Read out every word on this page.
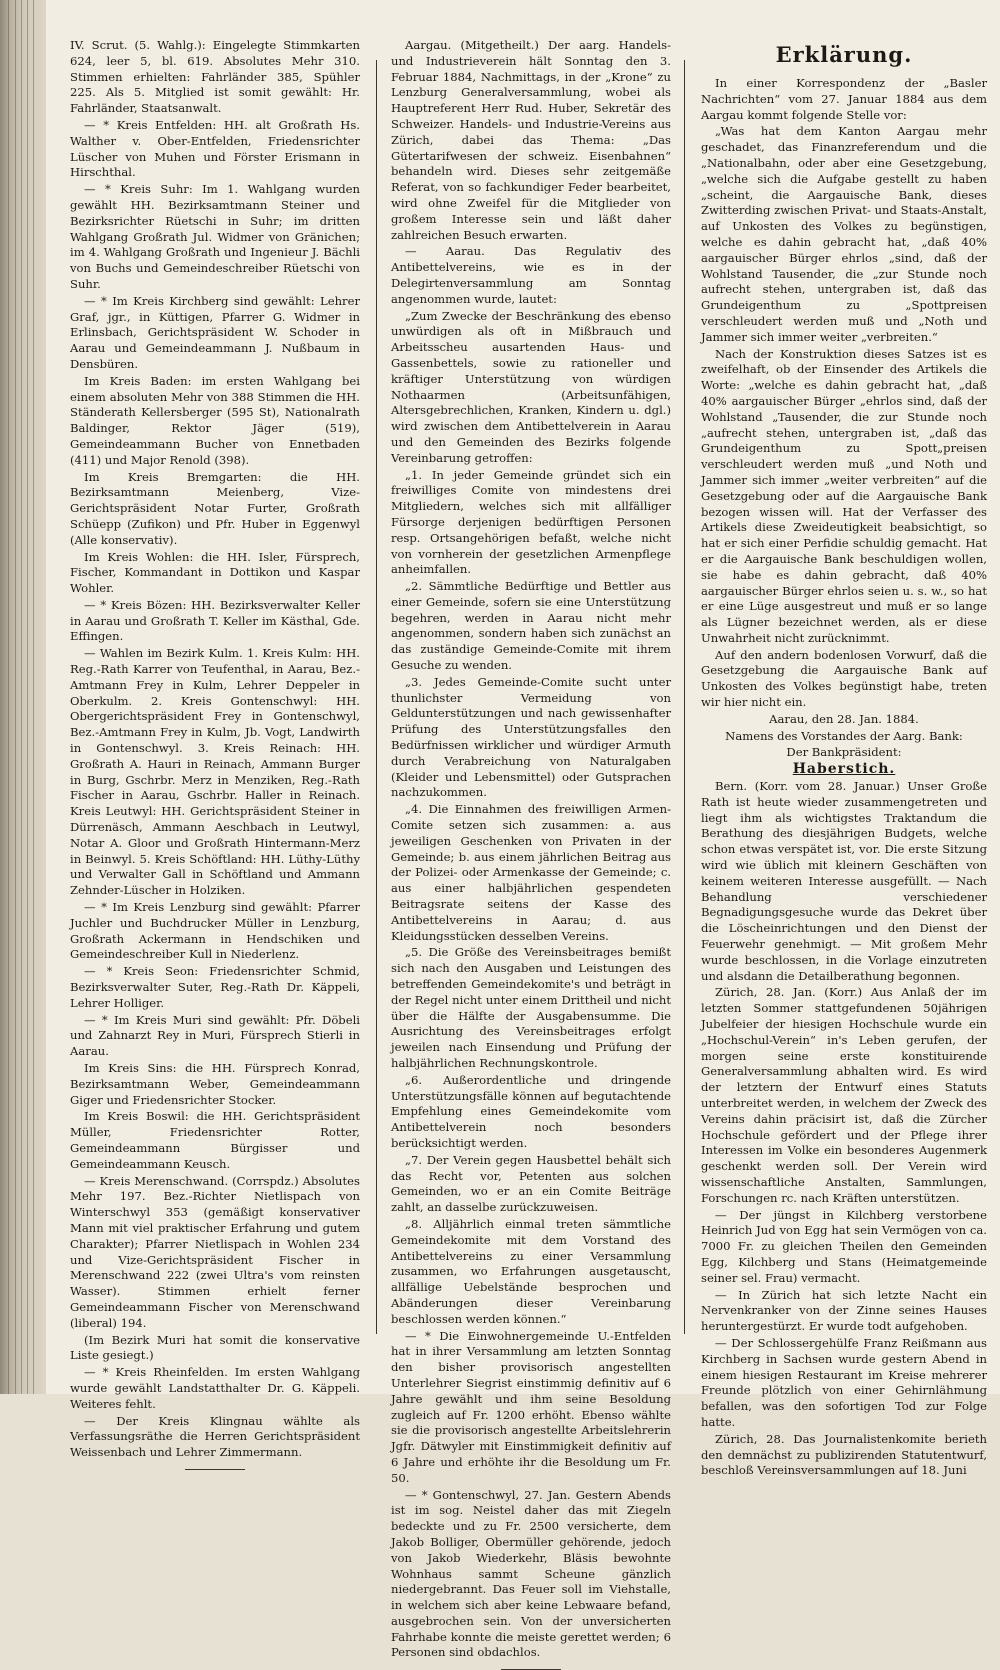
IV. Scrut. (5. Wahlg.): Eingelegte Stimmkarten 624, leer 5, bl. 619. Absolutes Mehr 310. Stimmen erhielten: Fahrländer 385, Spühler 225. Als 5. Mitglied ist somit gewählt: Hr. Fahrländer, Staatsanwalt.

— * Kreis Entfelden: HH. alt Großrath Hs. Walther v. Ober-Entfelden, Friedensrichter Lüscher von Muhen und Förster Erismann in Hirschthal.

— * Kreis Suhr: Im 1. Wahlgang wurden gewählt HH. Bezirksamtmann Steiner und Bezirksrichter Rüetschi in Suhr; im dritten Wahlgang Großrath Jul. Widmer von Gränichen; im 4. Wahlgang Großrath und Ingenieur J. Bächli von Buchs und Gemeindeschreiber Rüetschi von Suhr.

— * Im Kreis Kirchberg sind gewählt: Lehrer Graf, jgr., in Küttigen, Pfarrer G. Widmer in Erlinsbach, Gerichtspräsident W. Schoder in Aarau und Gemeindeammann J. Nußbaum in Densbüren.

Im Kreis Baden: im ersten Wahlgang bei einem absoluten Mehr von 388 Stimmen die HH. Ständerath Kellersberger (595 St), Nationalrath Baldinger, Rektor Jäger (519), Gemeindeammann Bucher von Ennetbaden (411) und Major Renold (398).

Im Kreis Bremgarten: die HH. Bezirksamtmann Meienberg, Vize-Gerichtspräsident Notar Furter, Großrath Schüepp (Zufikon) und Pfr. Huber in Eggenwyl (Alle konservativ).

Im Kreis Wohlen: die HH. Isler, Fürsprech, Fischer, Kommandant in Dottikon und Kaspar Wohler.

— * Kreis Bözen: HH. Bezirksverwalter Keller in Aarau und Großrath T. Keller im Kästhal, Gde. Effingen.

— Wahlen im Bezirk Kulm. 1. Kreis Kulm: HH. Reg.-Rath Karrer von Teufenthal, in Aarau, Bez.-Amtmann Frey in Kulm, Lehrer Deppeler in Oberkulm. 2. Kreis Gontenschwyl: HH. Obergerichtspräsident Frey in Gontenschwyl, Bez.-Amtmann Frey in Kulm, Jb. Vogt, Landwirth in Gontenschwyl. 3. Kreis Reinach: HH. Großrath A. Hauri in Reinach, Ammann Burger in Burg, Gschrbr. Merz in Menziken, Reg.-Rath Fischer in Aarau, Gschrbr. Haller in Reinach. Kreis Leutwyl: HH. Gerichtspräsident Steiner in Dürrenäsch, Ammann Aeschbach in Leutwyl, Notar A. Gloor und Großrath Hintermann-Merz in Beinwyl. 5. Kreis Schöftland: HH. Lüthy-Lüthy und Verwalter Gall in Schöftland und Ammann Zehnder-Lüscher in Holziken.

— * Im Kreis Lenzburg sind gewählt: Pfarrer Juchler und Buchdrucker Müller in Lenzburg, Großrath Ackermann in Hendschiken und Gemeindeschreiber Kull in Niederlenz.

— * Kreis Seon: Friedensrichter Schmid, Bezirksverwalter Suter, Reg.-Rath Dr. Käppeli, Lehrer Holliger.

— * Im Kreis Muri sind gewählt: Pfr. Döbeli und Zahnarzt Rey in Muri, Fürsprech Stierli in Aarau.

Im Kreis Sins: die HH. Fürsprech Konrad, Bezirksamtmann Weber, Gemeindeammann Giger und Friedensrichter Stocker.

Im Kreis Boswil: die HH. Gerichtspräsident Müller, Friedensrichter Rotter, Gemeindeammann Bürgisser und Gemeindeammann Keusch.

— Kreis Merenschwand. (Corrspdz.) Absolutes Mehr 197. Bez.-Richter Nietlispach von Winterschwyl 353 (gemäßigt konservativer Mann mit viel praktischer Erfahrung und gutem Charakter); Pfarrer Nietlispach in Wohlen 234 und Vize-Gerichtspräsident Fischer in Merenschwand 222 (zwei Ultra's vom reinsten Wasser). Stimmen erhielt ferner Gemeindeammann Fischer von Merenschwand (liberal) 194.

(Im Bezirk Muri hat somit die konservative Liste gesiegt.)

— * Kreis Rheinfelden. Im ersten Wahlgang wurde gewählt Landstatthalter Dr. G. Käppeli. Weiteres fehlt.

— Der Kreis Klingnau wählte als Verfassungsräthe die Herren Gerichtspräsident Weissenbach und Lehrer Zimmermann.

Aargau. (Mitgetheilt.) Der aarg. Handels- und Industrieverein hält Sonntag den 3. Februar 1884, Nachmittags, in der „Krone“ zu Lenzburg Generalversammlung, wobei als Hauptreferent Herr Rud. Huber, Sekretär des Schweizer. Handels- und Industrie-Vereins aus Zürich, dabei das Thema: „Das Gütertarifwesen der schweiz. Eisenbahnen“ behandeln wird. Dieses sehr zeitgemäße Referat, von so fachkundiger Feder bearbeitet, wird ohne Zweifel für die Mitglieder von großem Interesse sein und läßt daher zahlreichen Besuch erwarten.

— Aarau. Das Regulativ des Antibettelvereins, wie es in der Delegirtenversammlung am Sonntag angenommen wurde, lautet:

„Zum Zwecke der Beschränkung des ebenso unwürdigen als oft in Mißbrauch und Arbeitsscheu ausartenden Haus- und Gassenbettels, sowie zu rationeller und kräftiger Unterstützung von würdigen Nothaarmen (Arbeitsunfähigen, Altersgebrechlichen, Kranken, Kindern u. dgl.) wird zwischen dem Antibettelverein in Aarau und den Gemeinden des Bezirks folgende Vereinbarung getroffen:

„1. In jeder Gemeinde gründet sich ein freiwilliges Comite von mindestens drei Mitgliedern, welches sich mit allfälliger Fürsorge derjenigen bedürftigen Personen resp. Ortsangehörigen befaßt, welche nicht von vornherein der gesetzlichen Armenpflege anheimfallen.

„2. Sämmtliche Bedürftige und Bettler aus einer Gemeinde, sofern sie eine Unterstützung begehren, werden in Aarau nicht mehr angenommen, sondern haben sich zunächst an das zuständige Gemeinde-Comite mit ihrem Gesuche zu wenden.

„3. Jedes Gemeinde-Comite sucht unter thunlichster Vermeidung von Geldunterstützungen und nach gewissenhafter Prüfung des Unterstützungsfalles den Bedürfnissen wirklicher und würdiger Armuth durch Verabreichung von Naturalgaben (Kleider und Lebensmittel) oder Gutsprachen nachzukommen.

„4. Die Einnahmen des freiwilligen Armen-Comite setzen sich zusammen: a. aus jeweiligen Geschenken von Privaten in der Gemeinde; b. aus einem jährlichen Beitrag aus der Polizei- oder Armenkasse der Gemeinde; c. aus einer halbjährlichen gespendeten Beitragsrate seitens der Kasse des Antibettelvereins in Aarau; d. aus Kleidungsstücken desselben Vereins.

„5. Die Größe des Vereinsbeitrages bemißt sich nach den Ausgaben und Leistungen des betreffenden Gemeindekomite's und beträgt in der Regel nicht unter einem Drittheil und nicht über die Hälfte der Ausgabensumme. Die Ausrichtung des Vereinsbeitrages erfolgt jeweilen nach Einsendung und Prüfung der halbjährlichen Rechnungskontrole.

„6. Außerordentliche und dringende Unterstützungsfälle können auf begutachtende Empfehlung eines Gemeindekomite vom Antibettelverein noch besonders berücksichtigt werden.

„7. Der Verein gegen Hausbettel behält sich das Recht vor, Petenten aus solchen Gemeinden, wo er an ein Comite Beiträge zahlt, an dasselbe zurückzuweisen.

„8. Alljährlich einmal treten sämmtliche Gemeindekomite mit dem Vorstand des Antibettelvereins zu einer Versammlung zusammen, wo Erfahrungen ausgetauscht, allfällige Uebelstände besprochen und Abänderungen dieser Vereinbarung beschlossen werden können.“

— * Die Einwohnergemeinde U.-Entfelden hat in ihrer Versammlung am letzten Sonntag den bisher provisorisch angestellten Unterlehrer Siegrist einstimmig definitiv auf 6 Jahre gewählt und ihm seine Besoldung zugleich auf Fr. 1200 erhöht. Ebenso wählte sie die provisorisch angestellte Arbeitslehrerin Jgfr. Dätwyler mit Einstimmigkeit definitiv auf 6 Jahre und erhöhte ihr die Besoldung um Fr. 50.

— * Gontenschwyl, 27. Jan. Gestern Abends ist im sog. Neistel daher das mit Ziegeln bedeckte und zu Fr. 2500 versicherte, dem Jakob Bolliger, Obermüller gehörende, jedoch von Jakob Wiederkehr, Bläsis bewohnte Wohnhaus sammt Scheune gänzlich niedergebrannt. Das Feuer soll im Viehstalle, in welchem sich aber keine Lebwaare befand, ausgebrochen sein. Von der unversicherten Fahrhabe konnte die meiste gerettet werden; 6 Personen sind obdachlos.

Erklärung.

In einer Korrespondenz der „Basler Nachrichten“ vom 27. Januar 1884 aus dem Aargau kommt folgende Stelle vor:

„Was hat dem Kanton Aargau mehr geschadet, das Finanzreferendum und die „Nationalbahn, oder aber eine Gesetzgebung, „welche sich die Aufgabe gestellt zu haben „scheint, die Aargauische Bank, dieses Zwitterding zwischen Privat- und Staats-Anstalt, auf Unkosten des Volkes zu begünstigen, welche es dahin gebracht hat, „daß 40% aargauischer Bürger ehrlos „sind, daß der Wohlstand Tausender, die „zur Stunde noch aufrecht stehen, untergraben ist, daß das Grundeigenthum zu „Spottpreisen verschleudert werden muß und „Noth und Jammer sich immer weiter „verbreiten.“

Nach der Konstruktion dieses Satzes ist es zweifelhaft, ob der Einsender des Artikels die Worte: „welche es dahin gebracht hat, „daß 40% aargauischer Bürger „ehrlos sind, daß der Wohlstand „Tausender, die zur Stunde noch „aufrecht stehen, untergraben ist, „daß das Grundeigenthum zu Spott„preisen verschleudert werden muß „und Noth und Jammer sich immer „weiter verbreiten“ auf die Gesetzgebung oder auf die Aargauische Bank bezogen wissen will. Hat der Verfasser des Artikels diese Zweideutigkeit beabsichtigt, so hat er sich einer Perfidie schuldig gemacht. Hat er die Aargauische Bank beschuldigen wollen, sie habe es dahin gebracht, daß 40% aargauischer Bürger ehrlos seien u. s. w., so hat er eine Lüge ausgestreut und muß er so lange als Lügner bezeichnet werden, als er diese Unwahrheit nicht zurücknimmt.

Auf den andern bodenlosen Vorwurf, daß die Gesetzgebung die Aargauische Bank auf Unkosten des Volkes begünstigt habe, treten wir hier nicht ein.

Aarau, den 28. Jan. 1884.

Namens des Vorstandes der Aarg. Bank:

Der Bankpräsident:

Haberstich.

Bern. (Korr. vom 28. Januar.) Unser Große Rath ist heute wieder zusammengetreten und liegt ihm als wichtigstes Traktandum die Berathung des diesjährigen Budgets, welche schon etwas verspätet ist, vor. Die erste Sitzung wird wie üblich mit kleinern Geschäften von keinem weiteren Interesse ausgefüllt. — Nach Behandlung verschiedener Begnadigungsgesuche wurde das Dekret über die Löscheinrichtungen und den Dienst der Feuerwehr genehmigt. — Mit großem Mehr wurde beschlossen, in die Vorlage einzutreten und alsdann die Detailberathung begonnen.

Zürich, 28. Jan. (Korr.) Aus Anlaß der im letzten Sommer stattgefundenen 50jährigen Jubelfeier der hiesigen Hochschule wurde ein „Hochschul-Verein“ in's Leben gerufen, der morgen seine erste konstituirende Generalversammlung abhalten wird. Es wird der letztern der Entwurf eines Statuts unterbreitet werden, in welchem der Zweck des Vereins dahin präcisirt ist, daß die Zürcher Hochschule gefördert und der Pflege ihrer Interessen im Volke ein besonderes Augenmerk geschenkt werden soll. Der Verein wird wissenschaftliche Anstalten, Sammlungen, Forschungen rc. nach Kräften unterstützen.

— Der jüngst in Kilchberg verstorbene Heinrich Jud von Egg hat sein Vermögen von ca. 7000 Fr. zu gleichen Theilen den Gemeinden Egg, Kilchberg und Stans (Heimatgemeinde seiner sel. Frau) vermacht.

— In Zürich hat sich letzte Nacht ein Nervenkranker von der Zinne seines Hauses heruntergestürzt. Er wurde todt aufgehoben.

— Der Schlossergehülfe Franz Reißmann aus Kirchberg in Sachsen wurde gestern Abend in einem hiesigen Restaurant im Kreise mehrerer Freunde plötzlich von einer Gehirnlähmung befallen, was den sofortigen Tod zur Folge hatte.

Zürich, 28. Das Journalistenkomite berieth den demnächst zu publizirenden Statutentwurf, beschloß Vereinsversammlungen auf 18. Juni
